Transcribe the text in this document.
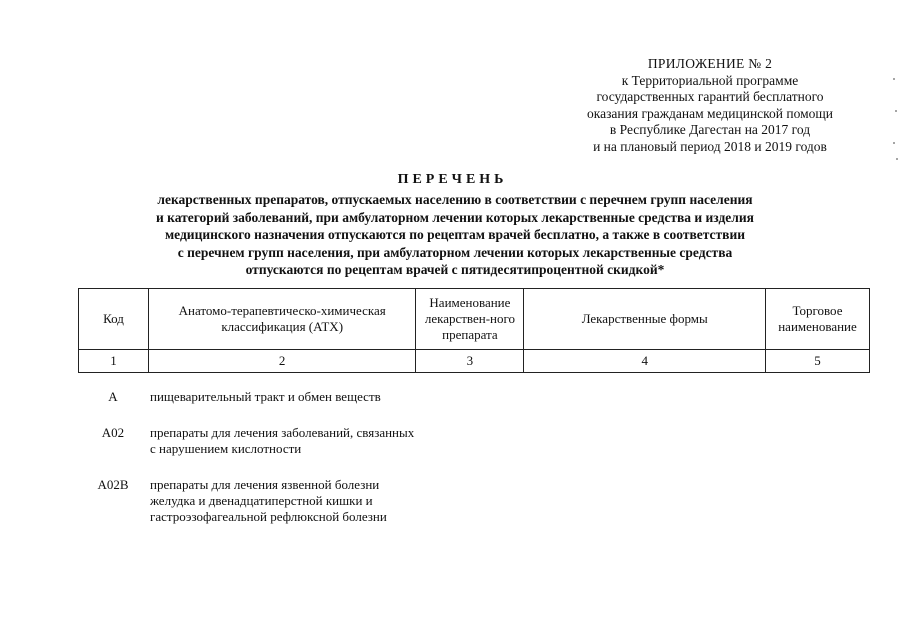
ПРИЛОЖЕНИЕ № 2
к Территориальной программе
государственных гарантий бесплатного
оказания гражданам медицинской помощи
в Республике Дагестан на 2017 год
и на плановый период 2018 и 2019 годов
ПЕРЕЧЕНЬ
лекарственных препаратов, отпускаемых населению в соответствии с перечнем групп населения
и категорий заболеваний, при амбулаторном лечении которых лекарственные средства и изделия
медицинского назначения отпускаются по рецептам врачей бесплатно, а также в соответствии
с перечнем групп населения, при амбулаторном лечении которых лекарственные средства
отпускаются по рецептам врачей с пятидесятипроцентной скидкой*
Код	Анатомо-терапевтическо-химическая классификация (АТХ)	Наименование лекарствен-ного препарата	Лекарственные формы	Торговое наименование
1	2	3	4	5
А	пищеварительный тракт и обмен веществ
А02	препараты для лечения заболеваний, связанных с нарушением кислотности
А02В	препараты для лечения язвенной болезни желудка и двенадцатиперстной кишки и гастроэзофагеальной рефлюксной болезни
